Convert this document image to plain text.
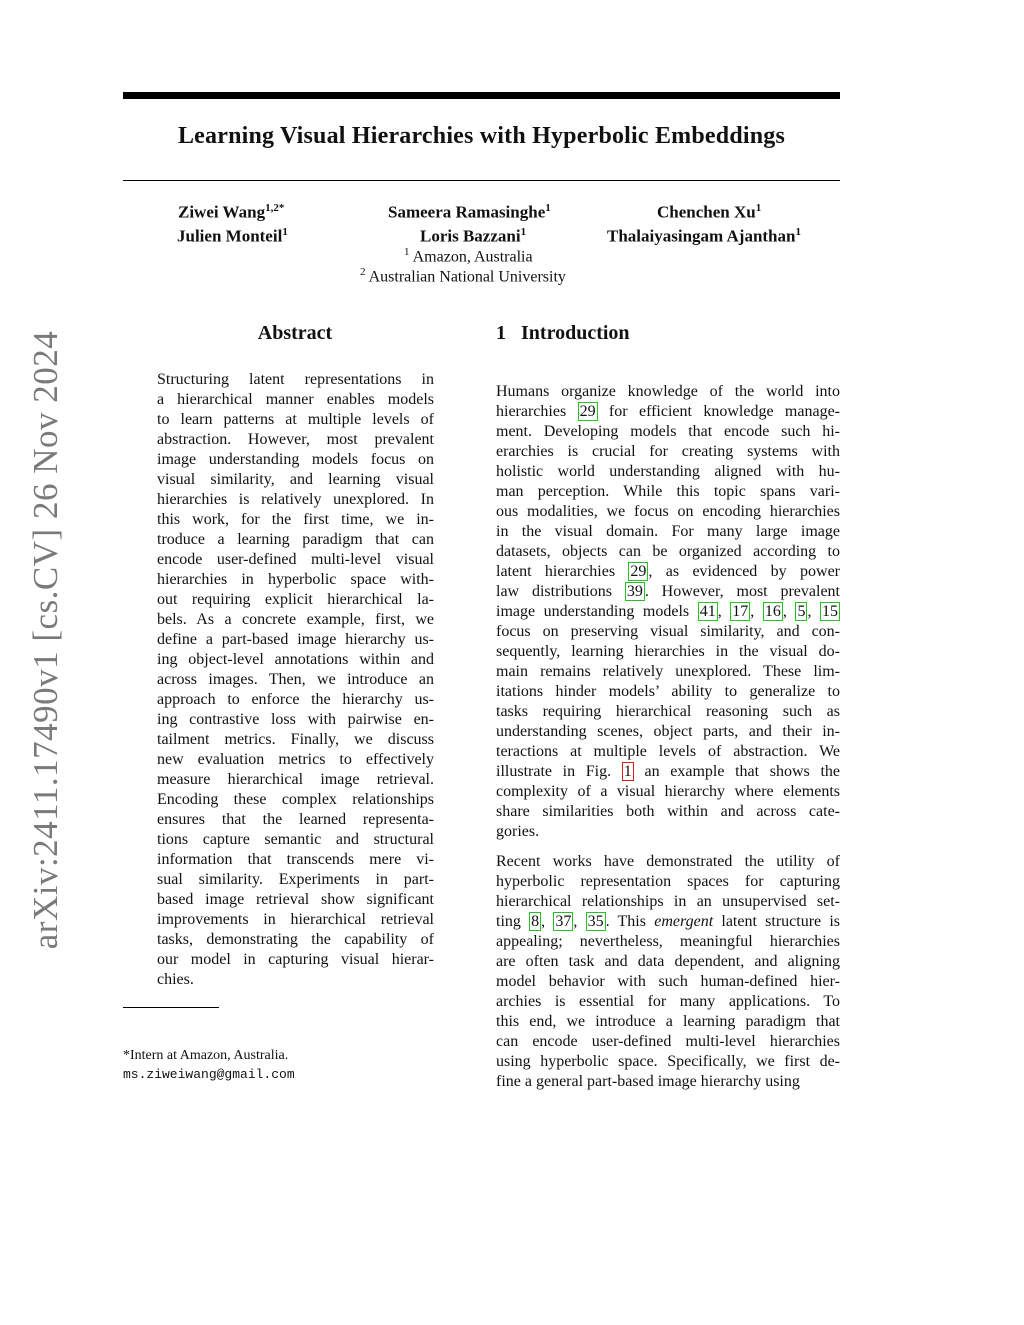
arXiv:2411.17490v1 [cs.CV] 26 Nov 2024
Learning Visual Hierarchies with Hyperbolic Embeddings
Ziwei Wang$^{1,2*}$	Sameera Ramasinghe$^1$	Chenchen Xu$^1$
Julien Monteil$^1$	Loris Bazzani$^1$	Thalaiyasingam Ajanthan$^1$
$^1$ Amazon, Australia
$^2$ Australian National University
Abstract
Structuring latent representations in
a hierarchical manner enables models
to learn patterns at multiple levels of
abstraction. However, most prevalent
image understanding models focus on
visual similarity, and learning visual
hierarchies is relatively unexplored. In
this work, for the first time, we in-
troduce a learning paradigm that can
encode user-defined multi-level visual
hierarchies in hyperbolic space with-
out requiring explicit hierarchical la-
bels. As a concrete example, first, we
define a part-based image hierarchy us-
ing object-level annotations within and
across images. Then, we introduce an
approach to enforce the hierarchy us-
ing contrastive loss with pairwise en-
tailment metrics. Finally, we discuss
new evaluation metrics to effectively
measure hierarchical image retrieval.
Encoding these complex relationships
ensures that the learned representa-
tions capture semantic and structural
information that transcends mere vi-
sual similarity. Experiments in part-
based image retrieval show significant
improvements in hierarchical retrieval
tasks, demonstrating the capability of
our model in capturing visual hierar-
chies.
*Intern at Amazon, Australia.
ms.ziweiwang@gmail.com
1 Introduction
Humans organize knowledge of the world into
hierarchies 29 for efficient knowledge manage-
ment. Developing models that encode such hi-
erarchies is crucial for creating systems with
holistic world understanding aligned with hu-
man perception. While this topic spans vari-
ous modalities, we focus on encoding hierarchies
in the visual domain. For many large image
datasets, objects can be organized according to
latent hierarchies 29 , as evidenced by power
law distributions 39 . However, most prevalent
image understanding models 41 , 17 , 16 , 5 , 15
focus on preserving visual similarity, and con-
sequently, learning hierarchies in the visual do-
main remains relatively unexplored. These lim-
itations hinder models’ ability to generalize to
tasks requiring hierarchical reasoning such as
understanding scenes, object parts, and their in-
teractions at multiple levels of abstraction. We
illustrate in Fig. 1 an example that shows the
complexity of a visual hierarchy where elements
share similarities both within and across cate-
gories.
Recent works have demonstrated the utility of
hyperbolic representation spaces for capturing
hierarchical relationships in an unsupervised set-
ting 8 , 37 , 35 . This emergent latent structure is
appealing; nevertheless, meaningful hierarchies
are often task and data dependent, and aligning
model behavior with such human-defined hier-
archies is essential for many applications. To
this end, we introduce a learning paradigm that
can encode user-defined multi-level hierarchies
using hyperbolic space. Specifically, we first de-
fine a general part-based image hierarchy using
